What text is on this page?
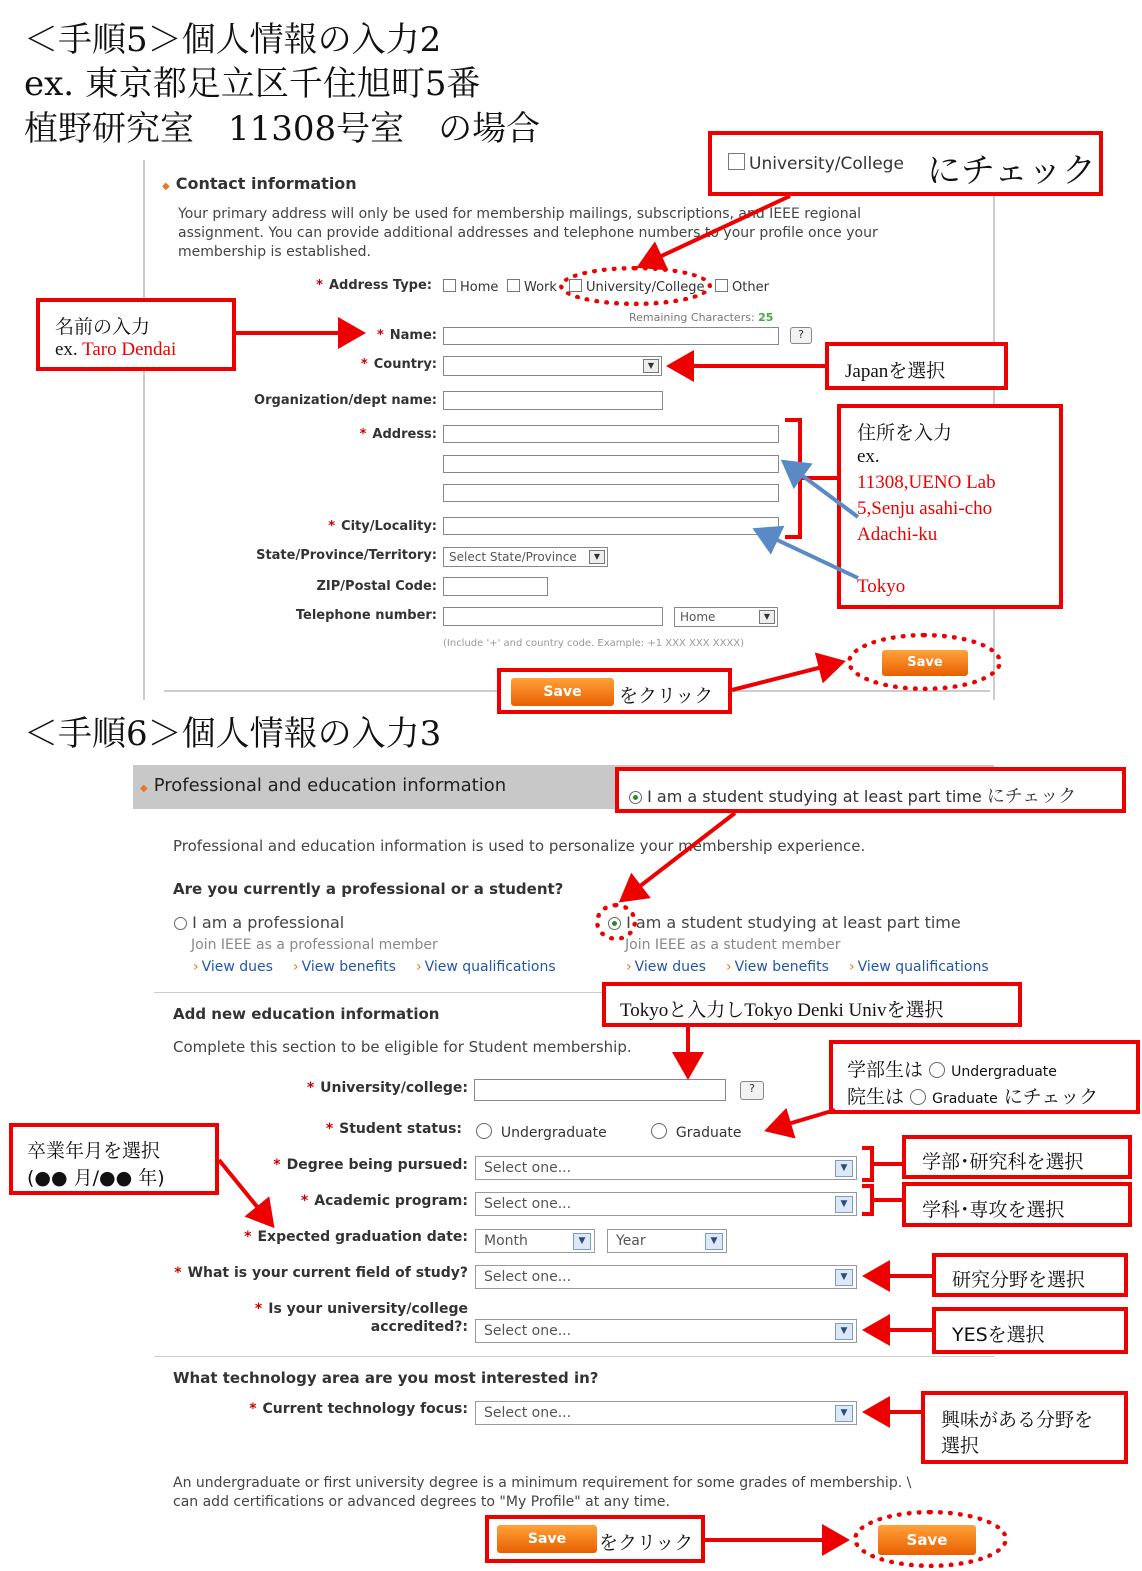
＜手順5＞個人情報の入力2
ex. 東京都足立区千住旭町5番
植野研究室　11308号室　の場合
◆ Contact information
Your primary address will only be used for membership mailings, subscriptions, and IEEE regional assignment. You can provide additional addresses and telephone numbers to your profile once your membership is established.
* Address Type:	Home	Work	University/College	Other
Remaining Characters: 25
* Name:	?
* Country:	▼
Organization/dept name:
* Address:
* City/Locality:
State/Province/Territory:	Select State/Province	▼
ZIP/Postal Code:
Telephone number:	Home	▼
(Include '+' and country code. Example: +1 XXX XXX XXXX)
Save
University/College にチェック
名前の入力
ex. Taro Dendai
Japanを選択
住所を入力
ex.
11308,UENO Lab
5,Senju asahi-cho
Adachi-ku
Tokyo
Save	をクリック
＜手順6＞個人情報の入力3
◆ Professional and education information
Professional and education information is used to personalize your membership experience.
Are you currently a professional or a student?
I am a professional
Join IEEE as a professional member
› View dues	› View benefits	› View qualifications
I am a student studying at least part time
Join IEEE as a student member
› View dues	› View benefits	› View qualifications
Add new education information
Complete this section to be eligible for Student membership.
* University/college:	?
* Student status:	Undergraduate	Graduate
* Degree being pursued:	Select one...	▼
* Academic program:	Select one...	▼
* Expected graduation date:	Month	▼	Year	▼
* What is your current field of study?	Select one...	▼
* Is your university/college
accredited?:	Select one...	▼
What technology area are you most interested in?
* Current technology focus:	Select one...	▼
An undergraduate or first university degree is a minimum requirement for some grades of membership. \
can add certifications or advanced degrees to "My Profile" at any time.
Save
I am a student studying at least part time にチェック
Tokyoと入力しTokyo Denki Univを選択
学部生は Undergraduate
院生は Graduate にチェック
卒業年月を選択
(●● 月/●● 年)
学部･研究科を選択
学科･専攻を選択
研究分野を選択
YESを選択
興味がある分野を
選択
Save	をクリック
